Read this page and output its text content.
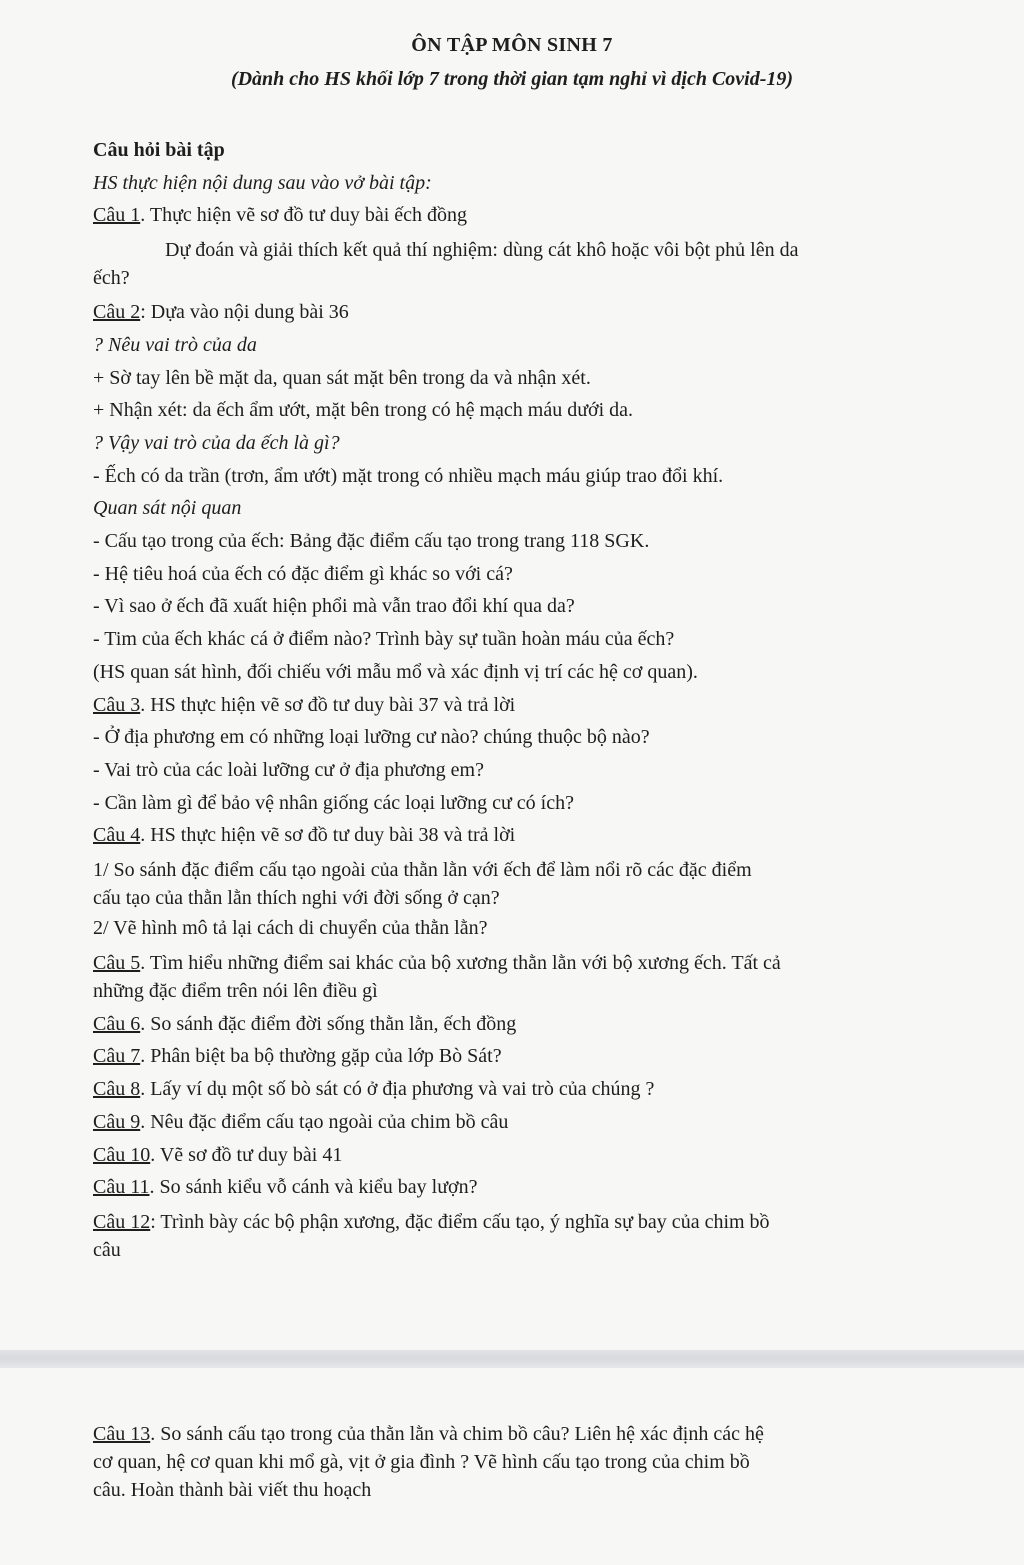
ÔN TẬP MÔN SINH 7
(Dành cho HS khối lớp 7 trong thời gian tạm nghỉ vì dịch Covid-19)

Câu hỏi bài tập

HS thực hiện nội dung sau vào vở bài tập:

Câu 1. Thực hiện vẽ sơ đồ tư duy bài ếch đồng

Dự đoán và giải thích kết quả thí nghiệm: dùng cát khô hoặc vôi bột phủ lên da

ếch?

Câu 2: Dựa vào nội dung bài 36

? Nêu vai trò của da

+ Sờ tay lên bề mặt da, quan sát mặt bên trong da và nhận xét.

+ Nhận xét: da ếch ẩm ướt, mặt bên trong có hệ mạch máu dưới da.

? Vậy vai trò của da ếch là gì?

- Ếch có da trần (trơn, ẩm ướt) mặt trong có nhiều mạch máu giúp trao đổi khí.

Quan sát nội quan

- Cấu tạo trong của ếch: Bảng đặc điểm cấu tạo trong trang 118 SGK.

- Hệ tiêu hoá của ếch có đặc điểm gì khác so với cá?

- Vì sao ở ếch đã xuất hiện phổi mà vẫn trao đổi khí qua da?

- Tim của ếch khác cá ở điểm nào? Trình bày sự tuần hoàn máu của ếch?

(HS quan sát hình, đối chiếu với mẫu mổ và xác định vị trí các hệ cơ quan).

Câu 3. HS thực hiện vẽ sơ đồ tư duy bài 37 và trả lời

- Ở địa phương em có những loại lưỡng cư nào? chúng thuộc bộ nào?

- Vai trò của các loài lưỡng cư ở địa phương em?

- Cần làm gì để bảo vệ nhân giống các loại lưỡng cư có ích?

Câu 4. HS thực hiện vẽ sơ đồ tư duy bài 38 và trả lời

1/ So sánh đặc điểm cấu tạo ngoài của thằn lằn với ếch để làm nổi rõ các đặc điểm

cấu tạo của thằn lằn thích nghi với đời sống ở cạn?

2/ Vẽ hình mô tả lại cách di chuyển của thằn lằn?

Câu 5. Tìm hiểu những điểm sai khác của bộ xương thằn lằn với bộ xương ếch. Tất cả

những đặc điểm trên nói lên điều gì

Câu 6. So sánh đặc điểm đời sống thằn lằn, ếch đồng

Câu 7. Phân biệt ba bộ thường gặp của lớp Bò Sát?

Câu 8. Lấy ví dụ một số bò sát có ở địa phương và vai trò của chúng ?

Câu 9. Nêu đặc điểm cấu tạo ngoài của chim bồ câu

Câu 10. Vẽ sơ đồ tư duy bài 41

Câu 11. So sánh kiểu vỗ cánh và kiểu bay lượn?

Câu 12: Trình bày các bộ phận xương, đặc điểm cấu tạo, ý nghĩa sự bay của chim bồ

câu

Câu 13. So sánh cấu tạo trong của thằn lằn và chim bồ câu? Liên hệ xác định các hệ

cơ quan, hệ cơ quan khi mổ gà, vịt ở gia đình ? Vẽ hình cấu tạo trong của chim bồ

câu. Hoàn thành bài viết thu hoạch
